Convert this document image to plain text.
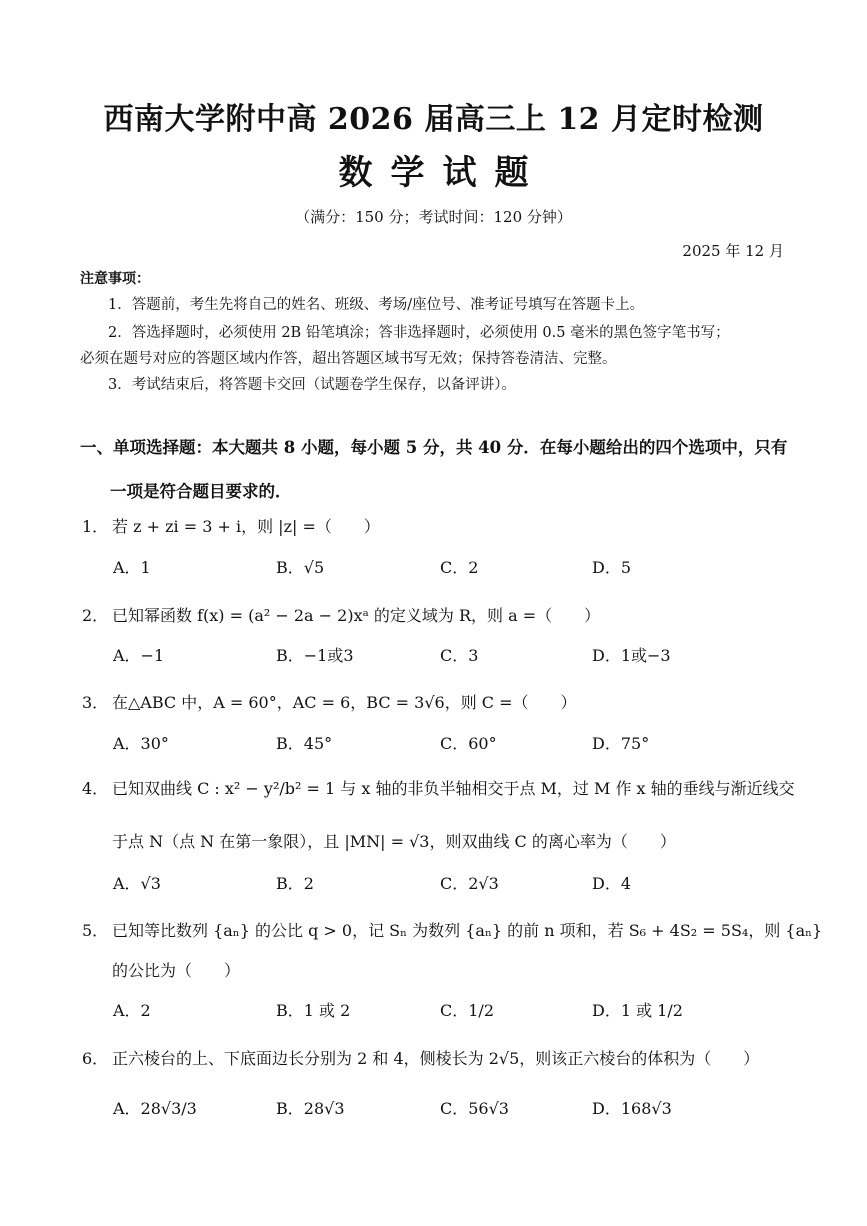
西南大学附中高 2026 届高三上 12 月定时检测
数学试题
（满分：150 分；考试时间：120 分钟）
2025 年 12 月
注意事项：
1．答题前，考生先将自己的姓名、班级、考场/座位号、准考证号填写在答题卡上。
2．答选择题时，必须使用 2B 铅笔填涂；答非选择题时，必须使用 0.5 毫米的黑色签字笔书写；
必须在题号对应的答题区域内作答，超出答题区域书写无效；保持答卷清洁、完整。
3．考试结束后，将答题卡交回（试题卷学生保存，以备评讲）。
一、单项选择题：本大题共 8 小题，每小题 5 分，共 40 分．在每小题给出的四个选项中，只有
一项是符合题目要求的．
1． 若 z + zi = 3 + i，则 |z| =（　　）
A．1	B．√5	C．2	D．5
2． 已知幂函数 f(x) = (a² − 2a − 2)xᵃ 的定义域为 R，则 a =（　　）
A．−1	B．−1或3	C．3	D．1或−3
3． 在△ABC 中，A = 60°，AC = 6，BC = 3√6，则 C =（　　）
A．30°	B．45°	C．60°	D．75°
4． 已知双曲线 C : x² − y²/b² = 1 与 x 轴的非负半轴相交于点 M，过 M 作 x 轴的垂线与渐近线交
于点 N（点 N 在第一象限），且 |MN| = √3，则双曲线 C 的离心率为（　　）
A．√3	B．2	C．2√3	D．4
5． 已知等比数列 {aₙ} 的公比 q > 0，记 Sₙ 为数列 {aₙ} 的前 n 项和，若 S₆ + 4S₂ = 5S₄，则 {aₙ}
的公比为（　　）
A．2	B．1 或 2	C．1/2	D．1 或 1/2
6． 正六棱台的上、下底面边长分别为 2 和 4，侧棱长为 2√5，则该正六棱台的体积为（　　）
A．28√3/3	B．28√3	C．56√3	D．168√3
